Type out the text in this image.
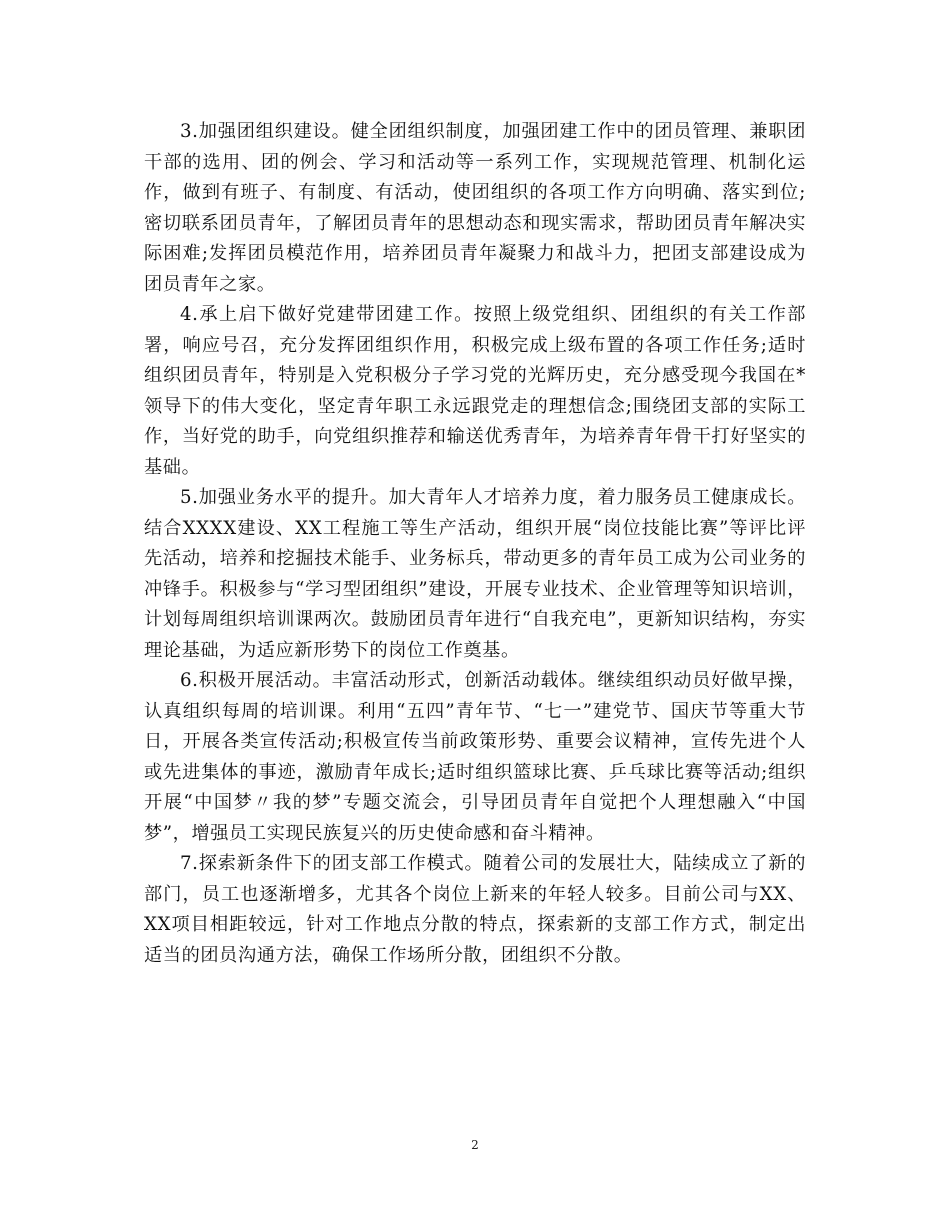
3.加强团组织建设。健全团组织制度，加强团建工作中的团员管理、兼职团干部的选用、团的例会、学习和活动等一系列工作，实现规范管理、机制化运作，做到有班子、有制度、有活动，使团组织的各项工作方向明确、落实到位;密切联系团员青年，了解团员青年的思想动态和现实需求，帮助团员青年解决实际困难;发挥团员模范作用，培养团员青年凝聚力和战斗力，把团支部建设成为团员青年之家。

4.承上启下做好党建带团建工作。按照上级党组织、团组织的有关工作部署，响应号召，充分发挥团组织作用，积极完成上级布置的各项工作任务;适时组织团员青年，特别是入党积极分子学习党的光辉历史，充分感受现今我国在*领导下的伟大变化，坚定青年职工永远跟党走的理想信念;围绕团支部的实际工作，当好党的助手，向党组织推荐和输送优秀青年，为培养青年骨干打好坚实的基础。

5.加强业务水平的提升。加大青年人才培养力度，着力服务员工健康成长。结合XXXX建设、XX工程施工等生产活动，组织开展“岗位技能比赛”等评比评先活动，培养和挖掘技术能手、业务标兵，带动更多的青年员工成为公司业务的冲锋手。积极参与“学习型团组织”建设，开展专业技术、企业管理等知识培训，计划每周组织培训课两次。鼓励团员青年进行“自我充电”，更新知识结构，夯实理论基础，为适应新形势下的岗位工作奠基。

6.积极开展活动。丰富活动形式，创新活动载体。继续组织动员好做早操，认真组织每周的培训课。利用“五四”青年节、“七一”建党节、国庆节等重大节日，开展各类宣传活动;积极宣传当前政策形势、重要会议精神，宣传先进个人或先进集体的事迹，激励青年成长;适时组织篮球比赛、乒乓球比赛等活动;组织开展“中国梦〃我的梦”专题交流会，引导团员青年自觉把个人理想融入“中国梦”，增强员工实现民族复兴的历史使命感和奋斗精神。

7.探索新条件下的团支部工作模式。随着公司的发展壮大，陆续成立了新的部门，员工也逐渐增多，尤其各个岗位上新来的年轻人较多。目前公司与XX、XX项目相距较远，针对工作地点分散的特点，探索新的支部工作方式，制定出适当的团员沟通方法，确保工作场所分散，团组织不分散。

2
